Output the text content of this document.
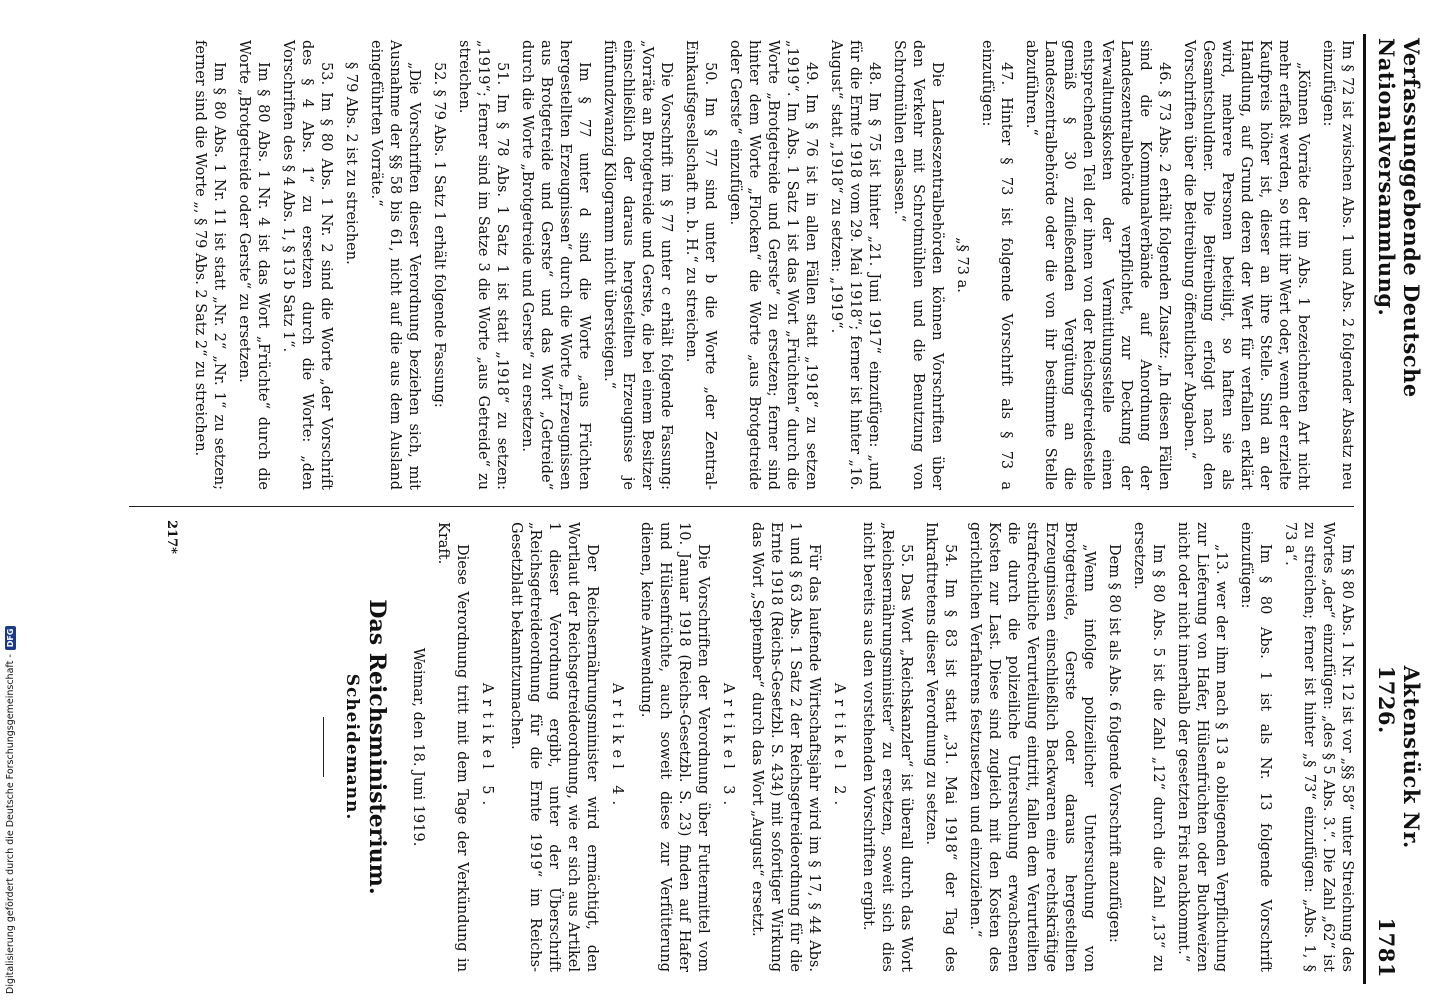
Verfassunggebende Deutsche Nationalversammlung.
Aktenstück Nr. 1726.
1781

Im § 72 ist zwischen Abs. 1 und Abs. 2 folgender Absatz neu einzufügen:

„Können Vorräte der im Abs. 1 bezeichneten Art nicht mehr erfaßt werden, so tritt ihr Wert oder, wenn der erzielte Kaufpreis höher ist, dieser an ihre Stelle. Sind an der Handlung, auf Grund deren der Wert für verfallen erklärt wird, mehrere Personen beteiligt, so haften sie als Gesamtschuldner. Die Beitreibung erfolgt nach den Vorschriften über die Beitreibung öffentlicher Abgaben.“

46. § 73 Abs. 2 erhält folgenden Zusatz: „In diesen Fällen sind die Kommunalverbände auf Anordnung der Landeszentralbehörde verpflichtet, zur Deckung der Verwaltungskosten der Vermittlungsstelle einen entsprechenden Teil der ihnen von der Reichsgetreidestelle gemäß § 30 zufließenden Vergütung an die Landeszentralbehörde oder die von ihr bestimmte Stelle abzuführen.“

47. Hinter § 73 ist folgende Vorschrift als § 73 a einzufügen:

„§ 73 a.

Die Landeszentralbehörden können Vorschriften über den Verkehr mit Schrotmühlen und die Benutzung von Schrotmühlen erlassen.“

48. Im § 75 ist hinter „21. Juni 1917“ einzufügen: „und für die Ernte 1918 vom 29. Mai 1918“; ferner ist hinter „16. August“ statt „1918“ zu setzen: „1919“.

49. Im § 76 ist in allen Fällen statt „1918“ zu setzen „1919“. Im Abs. 1 Satz 1 ist das Wort „Früchten“ durch die Worte „Brotgetreide und Gerste“ zu ersetzen; ferner sind hinter dem Worte „Flocken“ die Worte „aus Brotgetreide oder Gerste“ einzufügen.

50. Im § 77 sind unter b die Worte „der Zentral-Einkaufsgesellschaft m. b. H.“ zu streichen.

Die Vorschrift im § 77 unter c erhält folgende Fassung: „Vorräte an Brotgetreide und Gerste, die bei einem Besitzer einschließlich der daraus hergestellten Erzeugnisse je fünfundzwanzig Kilogramm nicht übersteigen.“

Im § 77 unter d sind die Worte „aus Früchten hergestellten Erzeugnissen“ durch die Worte „Erzeugnissen aus Brotgetreide und Gerste“ und das Wort „Getreide“ durch die Worte „Brotgetreide und Gerste“ zu ersetzen.

51. Im § 78 Abs. 1 Satz 1 ist statt „1918“ zu setzen: „1919“; ferner sind im Satze 3 die Worte „aus Getreide“ zu streichen.

52. § 79 Abs. 1 Satz 1 erhält folgende Fassung:

„Die Vorschriften dieser Verordnung beziehen sich, mit Ausnahme der §§ 58 bis 61, nicht auf die aus dem Ausland eingeführten Vorräte.“

§ 79 Abs. 2 ist zu streichen.

53. Im § 80 Abs. 1 Nr. 2 sind die Worte „der Vorschrift des § 4 Abs. 1“ zu ersetzen durch die Worte: „den Vorschriften des § 4 Abs. 1, § 13 b Satz 1“.

Im § 80 Abs. 1 Nr. 4 ist das Wort „Früchte“ durch die Worte „Brotgetreide oder Gerste“ zu ersetzen.

Im § 80 Abs. 1 Nr. 11 ist statt „Nr. 2“ „Nr. 1“ zu setzen; ferner sind die Worte „, § 79 Abs. 2 Satz 2“ zu streichen.

Im § 80 Abs. 1 Nr. 12 ist vor „§§ 58“ unter Streichung des Wortes „der“ einzufügen: „des § 5 Abs. 3.“. Die Zahl „62“ ist zu streichen; ferner ist hinter „§ 73“ einzufügen: „Abs. 1, § 73 a“.

Im § 80 Abs. 1 ist als Nr. 13 folgende Vorschrift einzufügen:

„13. wer der ihm nach § 13 a obliegenden Verpflichtung zur Lieferung von Hafer, Hülsenfrüchten oder Buchweizen nicht oder nicht innerhalb der gesetzten Frist nachkommt.“

Im § 80 Abs. 5 ist die Zahl „12“ durch die Zahl „13“ zu ersetzen.

Dem § 80 ist als Abs. 6 folgende Vorschrift anzufügen:

„Wenn infolge polizeilicher Untersuchung von Brotgetreide, Gerste oder daraus hergestellten Erzeugnissen einschließlich Backwaren eine rechtskräftige strafrechtliche Verurteilung eintritt, fallen dem Verurteilten die durch die polizeiliche Untersuchung erwachsenen Kosten zur Last. Diese sind zugleich mit den Kosten des gerichtlichen Verfahrens festzusetzen und einzuziehen.“

54. Im § 83 ist statt „31. Mai 1918“ der Tag des Inkrafttretens dieser Verordnung zu setzen.

55. Das Wort „Reichskanzler“ ist überall durch das Wort „Reichsernährungsminister“ zu ersetzen, soweit sich dies nicht bereits aus den vorstehenden Vorschriften ergibt.

Artikel 2.

Für das laufende Wirtschaftsjahr wird im § 17, § 44 Abs. 1 und § 63 Abs. 1 Satz 2 der Reichsgetreideordnung für die Ernte 1918 (Reichs-Gesetzbl. S. 434) mit sofortiger Wirkung das Wort „September“ durch das Wort „August“ ersetzt.

Artikel 3.

Die Vorschriften der Verordnung über Futtermittel vom 10. Januar 1918 (Reichs-Gesetzbl. S. 23) finden auf Hafer und Hülsenfrüchte, auch soweit diese zur Verfütterung dienen, keine Anwendung.

Artikel 4.

Der Reichsernährungsminister wird ermächtigt, den Wortlaut der Reichsgetreideordnung, wie er sich aus Artikel 1 dieser Verordnung ergibt, unter der Überschrift „Reichsgetreideordnung für die Ernte 1919“ im Reichs-Gesetzblatt bekanntzumachen.

Artikel 5.

Diese Verordnung tritt mit dem Tage der Verkündung in Kraft.

Weimar, den 18. Juni 1919.

Das Reichsministerium.

Scheidemann.

217*
Digitalisierung gefördert durch die Deutsche Forschungsgemeinschaft -
DFG
